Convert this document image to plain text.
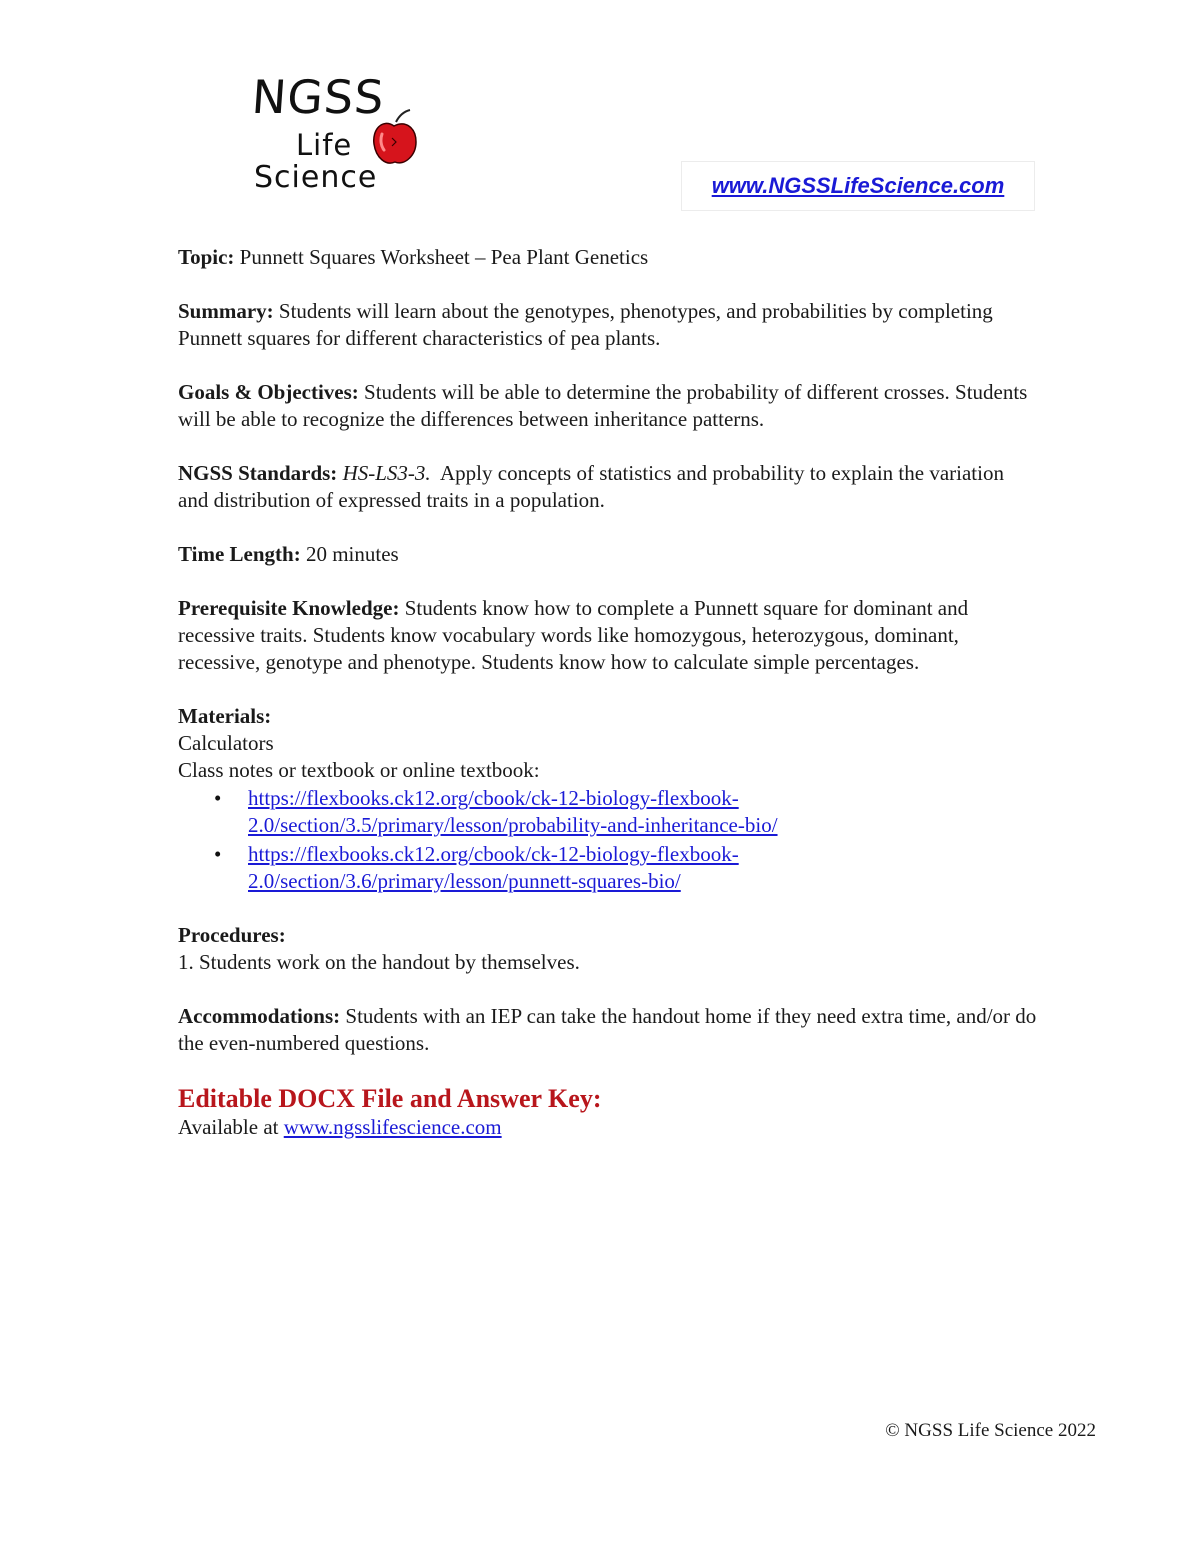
NGSS
Life
Science	www.NGSSLifeScience.com

Topic: Punnett Squares Worksheet – Pea Plant Genetics

Summary: Students will learn about the genotypes, phenotypes, and probabilities by completing Punnett squares for different characteristics of pea plants.

Goals & Objectives: Students will be able to determine the probability of different crosses. Students will be able to recognize the differences between inheritance patterns.

NGSS Standards: HS-LS3-3. Apply concepts of statistics and probability to explain the variation and distribution of expressed traits in a population.

Time Length: 20 minutes

Prerequisite Knowledge: Students know how to complete a Punnett square for dominant and recessive traits. Students know vocabulary words like homozygous, heterozygous, dominant, recessive, genotype and phenotype. Students know how to calculate simple percentages.

Materials:
Calculators
Class notes or textbook or online textbook:
• https://flexbooks.ck12.org/cbook/ck-12-biology-flexbook-2.0/section/3.5/primary/lesson/probability-and-inheritance-bio/
• https://flexbooks.ck12.org/cbook/ck-12-biology-flexbook-2.0/section/3.6/primary/lesson/punnett-squares-bio/
Procedures:
1. Students work on the handout by themselves.

Accommodations: Students with an IEP can take the handout home if they need extra time, and/or do the even-numbered questions.

Editable DOCX File and Answer Key:
Available at www.ngsslifescience.com
© NGSS Life Science 2022
